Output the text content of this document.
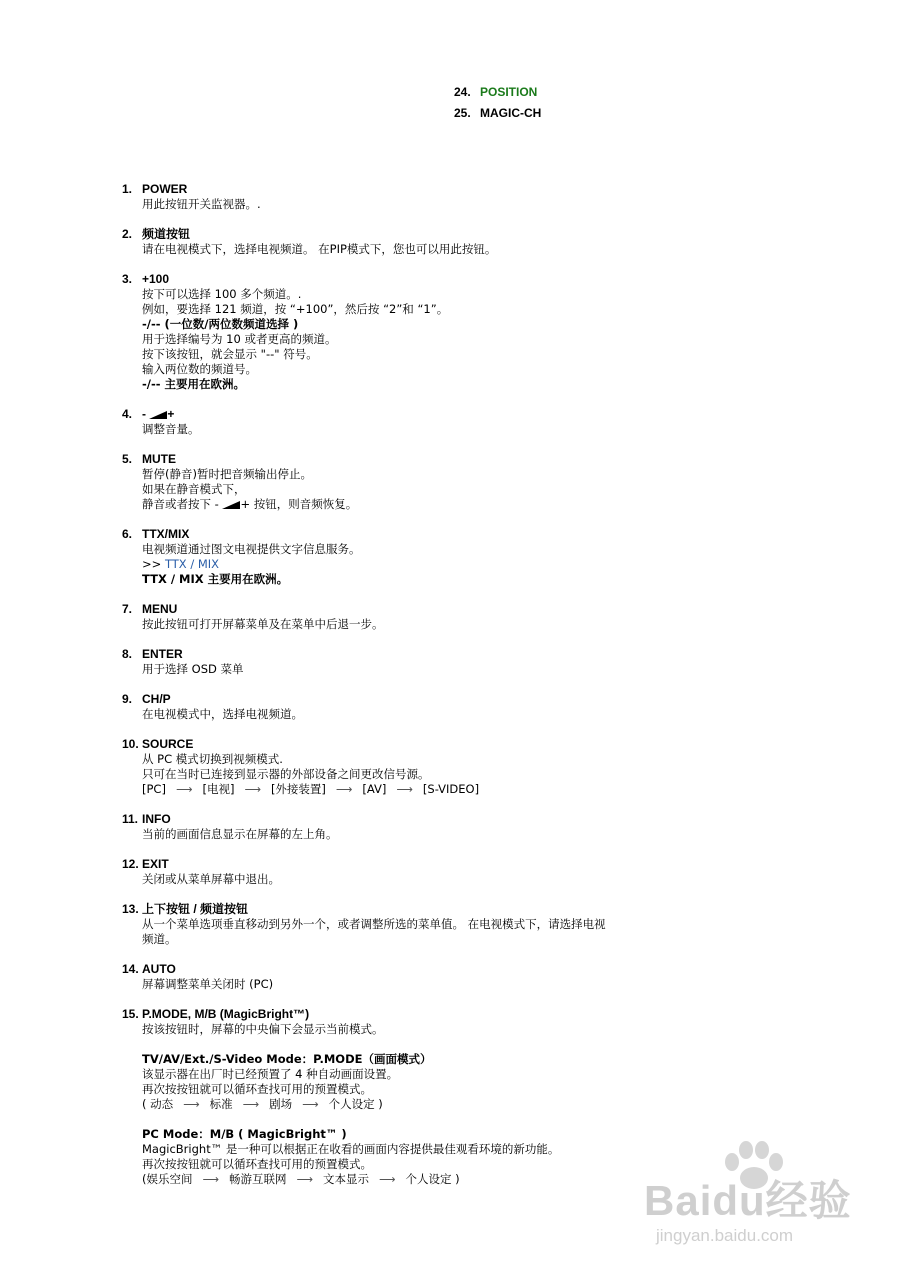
24. POSITION
25. MAGIC-CH
1. POWER
用此按钮开关监视器。.
2. 频道按钮
请在电视模式下，选择电视频道。 在PIP模式下，您也可以用此按钮。
3. +100
按下可以选择 100 多个频道。.
例如，要选择 121 频道，按 “+100”，然后按 “2”和 “1”。
-/-- (一位数/两位数频道选择 )
用于选择编号为 10 或者更高的频道。
按下该按钮，就会显示 "--" 符号。
输入两位数的频道号。
-/-- 主要用在欧洲。
4. - +
调整音量。
5. MUTE
暂停(静音)暂时把音频输出停止。
如果在静音模式下，
静音或者按下 - + 按钮，则音频恢复。
6. TTX/MIX
电视频道通过图文电视提供文字信息服务。
>> TTX / MIX
TTX / MIX 主要用在欧洲。
7. MENU
按此按钮可打开屏幕菜单及在菜单中后退一步。
8. ENTER
用于选择 OSD 菜单
9. CH/P
在电视模式中，选择电视频道。
10. SOURCE
从 PC 模式切换到视频模式.
只可在当时已连接到显示器的外部设备之间更改信号源。
[PC] ⟶ [电视] ⟶ [外接装置] ⟶ [AV] ⟶ [S-VIDEO]
11. INFO
当前的画面信息显示在屏幕的左上角。
12. EXIT
关闭或从菜单屏幕中退出。
13. 上下按钮 / 频道按钮
从一个菜单选项垂直移动到另外一个，或者调整所选的菜单值。 在电视模式下，请选择电视
频道。
14. AUTO
屏幕调整菜单关闭时 (PC)
15. P.MODE, M/B (MagicBright™)
按该按钮时，屏幕的中央偏下会显示当前模式。
TV/AV/Ext./S-Video Mode：P.MODE（画面模式）
该显示器在出厂时已经预置了 4 种自动画面设置。
再次按按钮就可以循环查找可用的预置模式。
( 动态 ⟶ 标准 ⟶ 剧场 ⟶ 个人设定 )
PC Mode：M/B ( MagicBright™ )
MagicBright™ 是一种可以根据正在收看的画面内容提供最佳观看环境的新功能。
再次按按钮就可以循环查找可用的预置模式。
(娱乐空间 ⟶ 畅游互联网 ⟶ 文本显示 ⟶ 个人设定 )	Baidu经验
jingyan.baidu.com
